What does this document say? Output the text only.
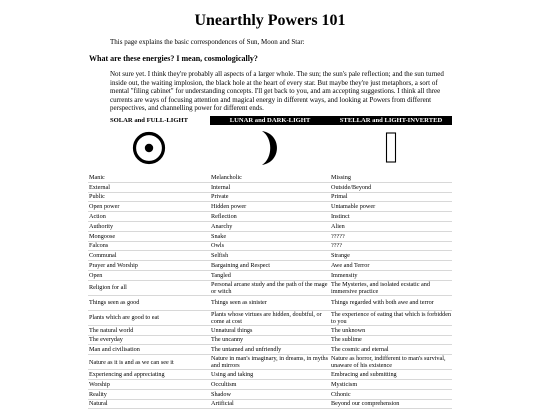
Unearthly Powers 101
This page explains the basic correspondences of Sun, Moon and Star:
What are these energies? I mean, cosmologically?
Not sure yet. I think they're probably all aspects of a larger whole. The sun; the sun's pale reflection; and the sun turned inside out, the waiting implosion, the black hole at the heart of every star. But maybe they're just metaphors, a sort of mental "filing cabinet" for understanding concepts. I'll get back to you, and am accepting suggestions. I think all three currents are ways of focusing attention and magical energy in different ways, and looking at Powers from different perspectives, and channelling power for different ends.
SOLAR and FULL-LIGHT	LUNAR and DARK-LIGHT	STELLAR and LIGHT-INVERTED

Manic	Melancholic	Missing
External	Internal	Outside/Beyond
Public	Private	Primal
Open power	Hidden power	Untamable power
Action	Reflection	Instinct
Authority	Anarchy	Alien
Mongoose	Snake	?????
Falcons	Owls	????
Communal	Selfish	Strange
Prayer and Worship	Bargaining and Respect	Awe and Terror
Open	Tangled	Immensity
Religion for all	Personal arcane study and the path of the mage or witch	The Mysteries, and isolated ecstatic and immersive practice
Things seen as good	Things seen as sinister	Things regarded with both awe and terror
Plants which are good to eat	Plants whose virtues are hidden, doubtful, or come at cost	The experience of eating that which is forbidden to you
The natural world	Unnatural things	The unknown
The everyday	The uncanny	The sublime
Man and civilisation	The untamed and unfriendly	The cosmic and eternal
Nature as it is and as we can see it	Nature in man's imaginary, in dreams, in myths and mirrors	Nature as horror, indifferent to man's survival, unaware of his existence
Experiencing and appreciating	Using and taking	Embracing and submitting
Worship	Occultism	Mysticism
Reality	Shadow	Cthonic
Natural	Artificial	Beyond our comprehension
